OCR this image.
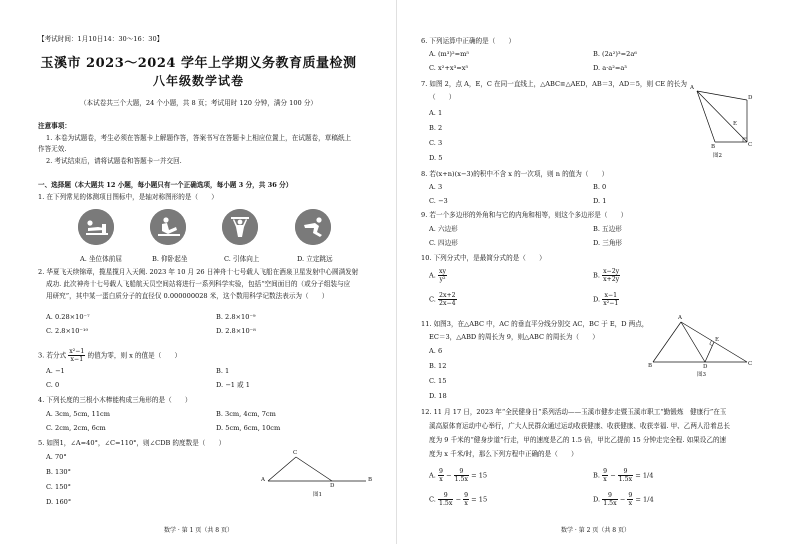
【考试时间：1月10日14：30～16：30】
玉溪市 2023～2024 学年上学期义务教育质量检测
八年级数学试卷
（本试卷共三个大题，24 个小题，共 8 页；考试用时 120 分钟，满分 100 分）
注意事项：
1. 本卷为试题卷，考生必须在答题卡上解题作答，答案书写在答题卡上相应位置上，在试题卷，草稿纸上
作答无效.
2. 考试结束后，请将试题卷和答题卡一并交回.
一、选择题（本大题共 12 小题，每小题只有一个正确选项，每小题 3 分，共 36 分）
1. 在下列常见的体测项目图标中，是轴对称图形的是（　　）
A. 坐位体前屈	B. 仰卧起坐	C. 引体向上	D. 立定跳远
2. 华夏飞天续锦章，揽星揽月入天阙. 2023 年 10 月 26 日神舟十七号载人飞船在酒泉卫星发射中心圆满发射
成功. 此次神舟十七号载人飞船航天员空间站将进行一系列科学实验，包括“空间面目的（或分子组装与应
用研究”，其中某一蛋白质分子的直径仅 0.000000028 米，这个数用科学记数法表示为（　　）
A. 0.28×10⁻⁷	B. 2.8×10⁻⁹
C. 2.8×10⁻¹⁰	D. 2.8×10⁻⁸
3. 若分式 $\frac{\text{x²−1}}{x-1}$ 的值为零，则 x 的值是（　　）
A. −1	B. 1
C. 0	D. −1 或 1
4. 下列长度的三根小木棒能构成三角形的是（　　）
A. 3cm, 5cm, 11cm	B. 3cm, 4cm, 7cm
C. 2cm, 2cm, 6cm	D. 5cm, 6cm, 10cm
5. 如图1，∠A=40°，∠C=110°，则∠CDB 的度数是（　　）
A. 70°
B. 130°
C. 150°
D. 160°
A
C
D
B
图1
数学 · 第 1 页（共 8 页）
6. 下列运算中正确的是（　　）
A. (m³)²=m⁵	B. (2a²)³=2a⁶
C. x²+x³=x⁵	D. a·a²=a³
7. 如图 2，点 A，E，C 在同一直线上，△ABC≌△AED，AB＝3，AD＝5，则 CE 的长为
（　　）
A. 1
B. 2
C. 3
D. 5
A
E
B	C
D
图2
8. 若(x+n)(x−3)的积中不含 x 的一次项，则 n 的值为（　　）
A. 3	B. 0
C. −3	D. 1
9. 若一个多边形的外角和与它的内角和相等，则这个多边形是（　　）
A. 六边形	B. 五边形
C. 四边形	D. 三角形
10. 下列分式中，是最简分式的是（　　）
A. $\frac{xy}{\text{y²}}$	B. $\frac{x-2y}{x+2y}$
C. $\frac{2x+2}{2x-4}$	D. $\frac{x-1}{\text{x²−1}}$
11. 如图3，在△ABC 中，AC 的垂直平分线分别交 AC，BC 于 E，D 两点，
EC＝3，△ABD 的周长为 9，则△ABC 的周长为（　　）
A. 6
B. 12
C. 15
D. 18
A
B	D	C
E
图3
12. 11 月 17 日，2023 年“全民健身日”系列活动——玉溪市健步走暨玉溪市职工“勤锻炼　健康行”在玉
溪高原体育运动中心举行，广大人民群众通过运动收获健康、收获健康、收获幸福. 甲、乙两人沿着总长
度为 9 千米的“健身步道”行走，甲的速度是乙的 1.5 倍，甲比乙提前 15 分钟走完全程. 如果设乙的速
度为 x 千米/时，那么下列方程中正确的是（　　）
A. $\frac{9}{x} - \frac{9}{1.5x} = 15$	B. $\frac{9}{x} - \frac{9}{1.5x} = 1/4$
C. $\frac{9}{1.5x} - \frac{9}{x} = 15$	D. $\frac{9}{1.5x} - \frac{9}{x} = 1/4$
数学 · 第 2 页（共 8 页）
